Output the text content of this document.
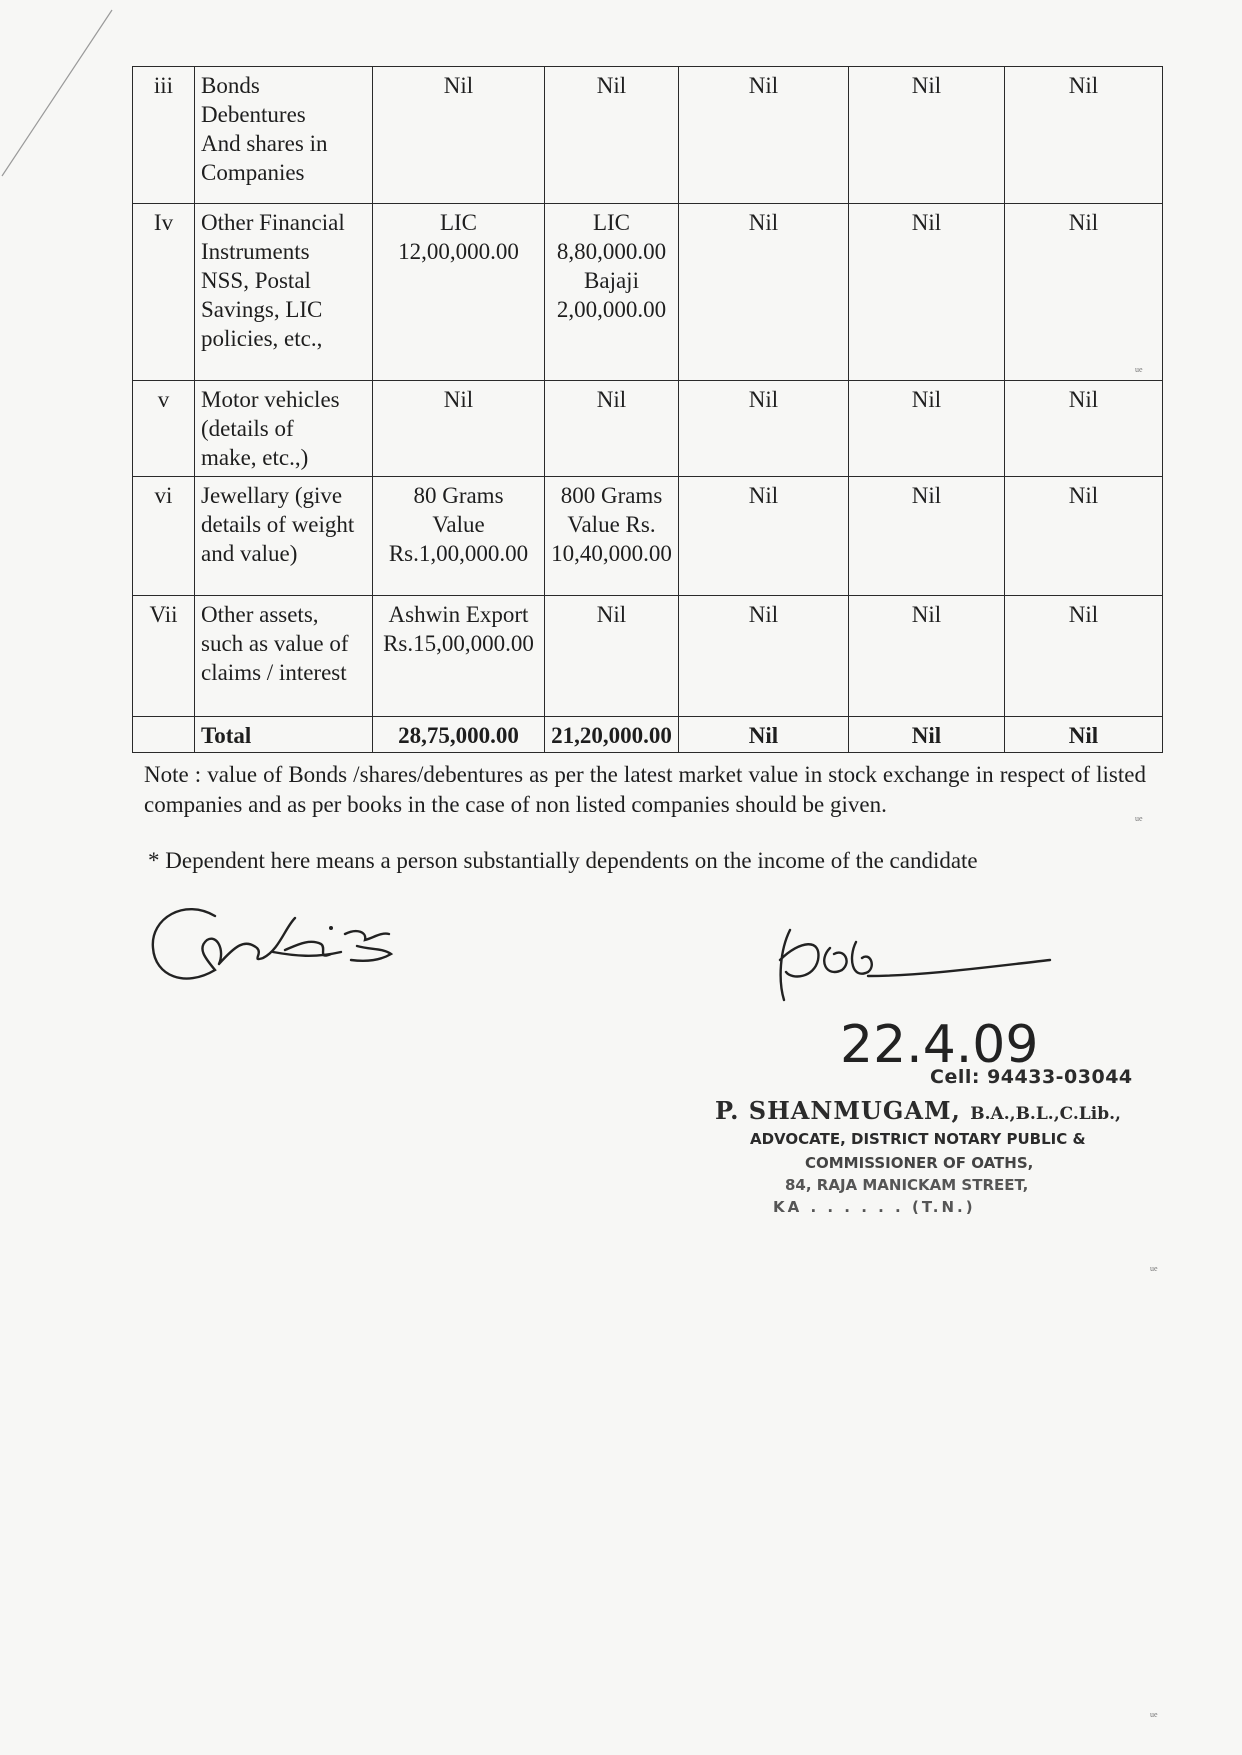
iii	Bonds
Debentures
And shares in
Companies	Nil	Nil	Nil	Nil	Nil
Iv	Other Financial
Instruments
NSS, Postal
Savings, LIC
policies, etc.,	LIC
12,00,000.00	LIC
8,80,000.00
Bajaji
2,00,000.00	Nil	Nil	Nil
v	Motor vehicles
(details of
make, etc.,)	Nil	Nil	Nil	Nil	Nil
vi	Jewellary (give
details of weight
and value)	80 Grams
Value
Rs.1,00,000.00	800 Grams
Value Rs.
10,40,000.00	Nil	Nil	Nil
Vii	Other assets,
such as value of
claims / interest	Ashwin Export
Rs.15,00,000.00	Nil	Nil	Nil	Nil
	Total	28,75,000.00	21,20,000.00	Nil	Nil	Nil
Note : value of Bonds /shares/debentures as per the latest market value in stock exchange in respect of listed companies and as per books in the case of non listed companies should be given.
* Dependent here means a person substantially dependents on the income of the candidate
22.4.09
Cell: 94433-03044
P. SHANMUGAM, B.A.,B.L.,C.Lib.,
ADVOCATE, DISTRICT NOTARY PUBLIC &
COMMISSIONER OF OATHS,
84, RAJA MANICKAM STREET,
KA . . . . . . (T.N.)
ue
ue
ue
ue
